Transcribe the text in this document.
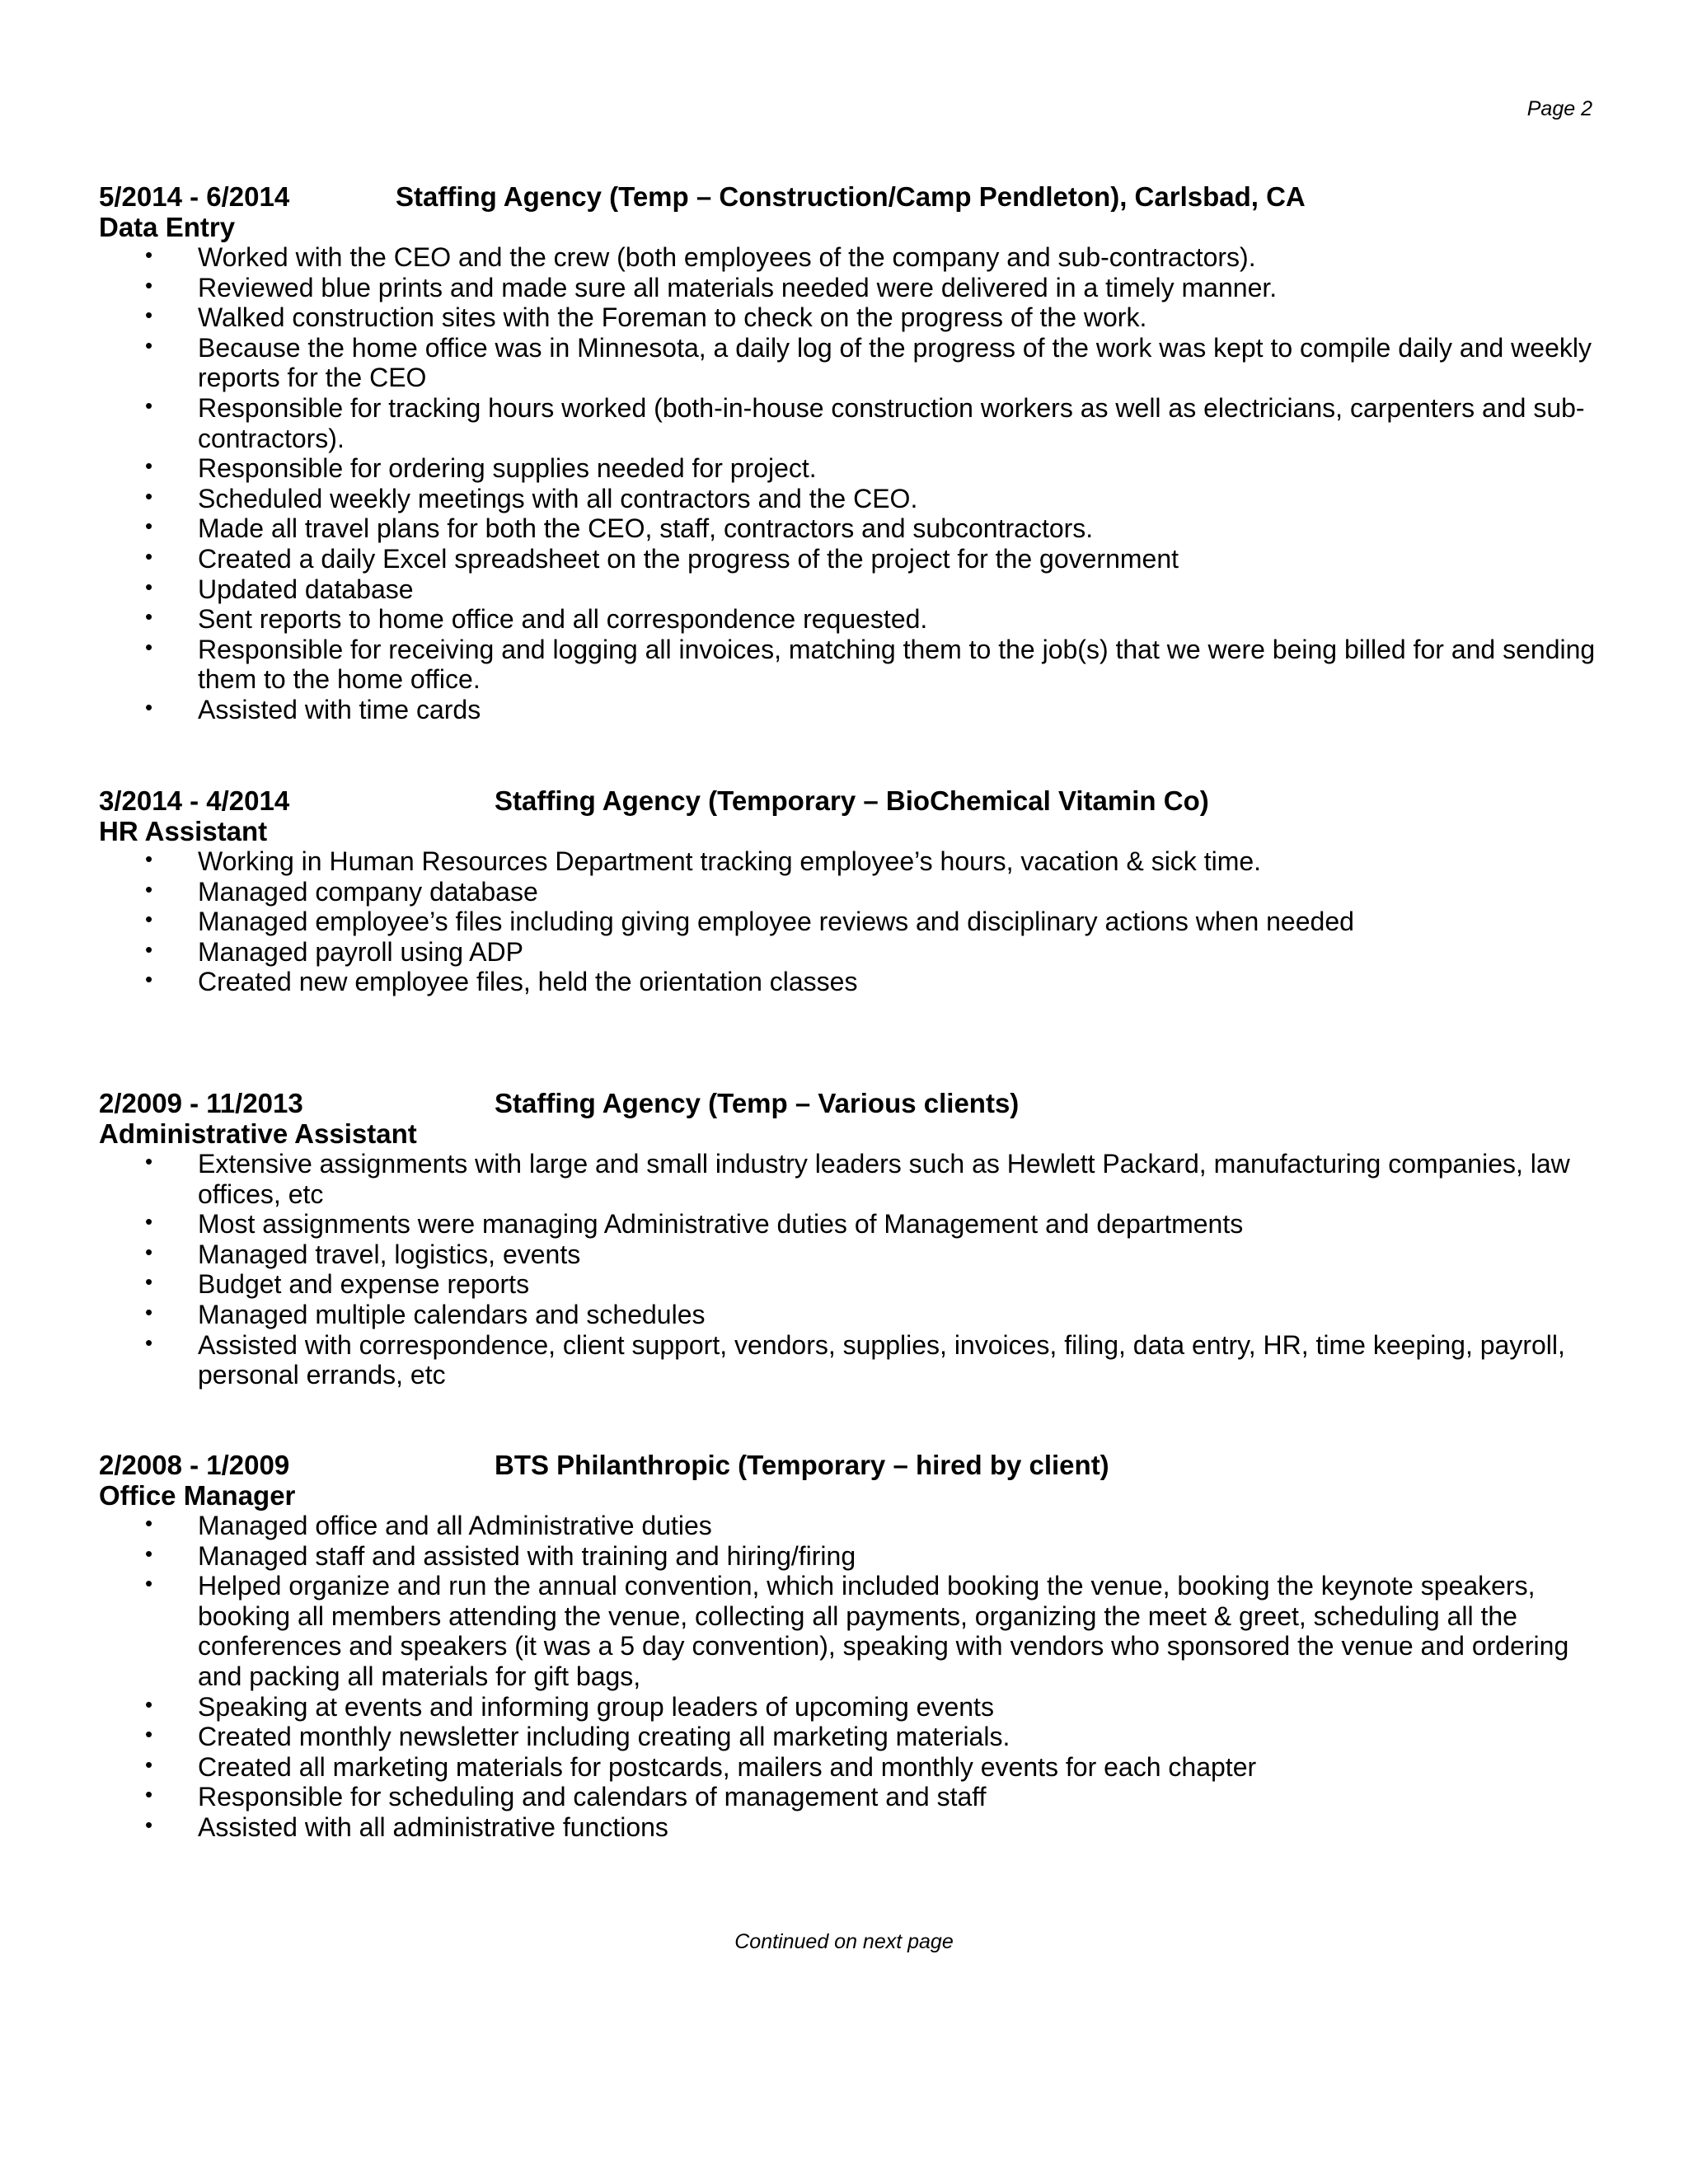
Page 2
5/2014 - 6/2014	Staffing Agency (Temp – Construction/Camp Pendleton), Carlsbad, CA
Data Entry
• Worked with the CEO and the crew (both employees of the company and sub-contractors).
• Reviewed blue prints and made sure all materials needed were delivered in a timely manner.
• Walked construction sites with the Foreman to check on the progress of the work.
• Because the home office was in Minnesota, a daily log of the progress of the work was kept to compile daily and weekly reports for the CEO
• Responsible for tracking hours worked (both-in-house construction workers as well as electricians, carpenters and sub-contractors).
• Responsible for ordering supplies needed for project.
• Scheduled weekly meetings with all contractors and the CEO.
• Made all travel plans for both the CEO, staff, contractors and subcontractors.
• Created a daily Excel spreadsheet on the progress of the project for the government
• Updated database
• Sent reports to home office and all correspondence requested.
• Responsible for receiving and logging all invoices, matching them to the job(s) that we were being billed for and sending them to the home office.
• Assisted with time cards
3/2014 - 4/2014	Staffing Agency (Temporary – BioChemical Vitamin Co)
HR Assistant
• Working in Human Resources Department tracking employee’s hours, vacation & sick time.
• Managed company database
• Managed employee’s files including giving employee reviews and disciplinary actions when needed
• Managed payroll using ADP
• Created new employee files, held the orientation classes
2/2009 - 11/2013	Staffing Agency (Temp – Various clients)
Administrative Assistant
• Extensive assignments with large and small industry leaders such as Hewlett Packard, manufacturing companies, law offices, etc
• Most assignments were managing Administrative duties of Management and departments
• Managed travel, logistics, events
• Budget and expense reports
• Managed multiple calendars and schedules
• Assisted with correspondence, client support, vendors, supplies, invoices, filing, data entry, HR, time keeping, payroll, personal errands, etc
2/2008 - 1/2009	BTS Philanthropic (Temporary – hired by client)
Office Manager
• Managed office and all Administrative duties
• Managed staff and assisted with training and hiring/firing
• Helped organize and run the annual convention, which included booking the venue, booking the keynote speakers, booking all members attending the venue, collecting all payments, organizing the meet & greet, scheduling all the conferences and speakers (it was a 5 day convention), speaking with vendors who sponsored the venue and ordering and packing all materials for gift bags,
• Speaking at events and informing group leaders of upcoming events
• Created monthly newsletter including creating all marketing materials.
• Created all marketing materials for postcards, mailers and monthly events for each chapter
• Responsible for scheduling and calendars of management and staff
• Assisted with all administrative functions
Continued on next page
